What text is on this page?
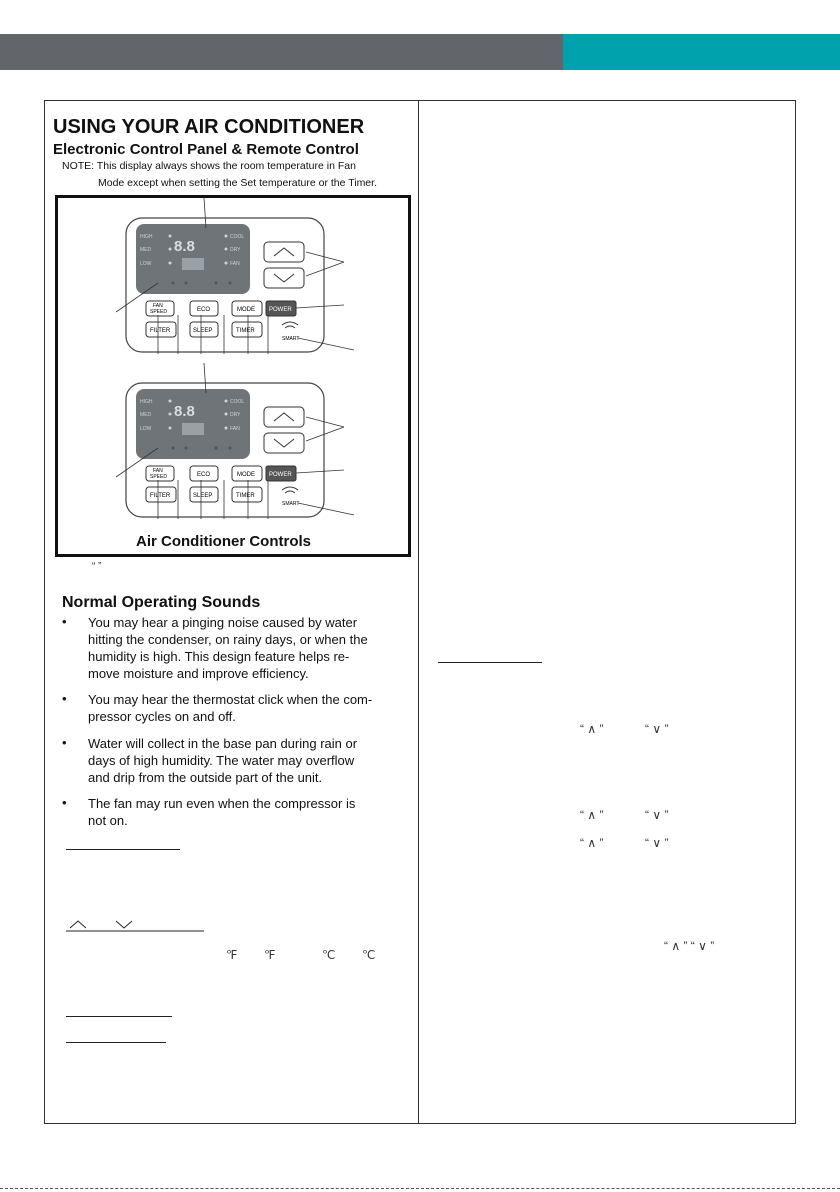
USING YOUR AIR CONDITIONER
Electronic Control Panel & Remote Control
NOTE: This display always shows the room temperature in Fan
Mode except when setting the Set temperature or the Timer.
8.8
HIGH
MED
LOW
COOL
DRY
FAN
FAN
SPEED	ECO	MODE POWER
FILTER	SLEEP	TIMER
SMART
8.8
HIGH
MED
LOW
COOL
DRY
FAN
FAN
SPEED	ECO	MODE POWER
FILTER	SLEEP	TIMER
SMART
Air Conditioner Controls
“ ”
Normal Operating Sounds
• You may hear a pinging noise caused by water
hitting the condenser, on rainy days, or when the
humidity is high. This design feature helps re-
move moisture and improve efficiency.
• You may hear the thermostat click when the com-
pressor cycles on and off.
• Water will collect in the base pan during rain or
days of high humidity. The water may overflow
and drip from the outside part of the unit.
• The fan may run even when the compressor is
not on.
℉ ℉	℃ ℃
“ ∧ ”	“ ∨ ”
“ ∧ ”	“ ∨ ”
“ ∧ ”	“ ∨ ”
“ ∧ ” “ ∨ ”
